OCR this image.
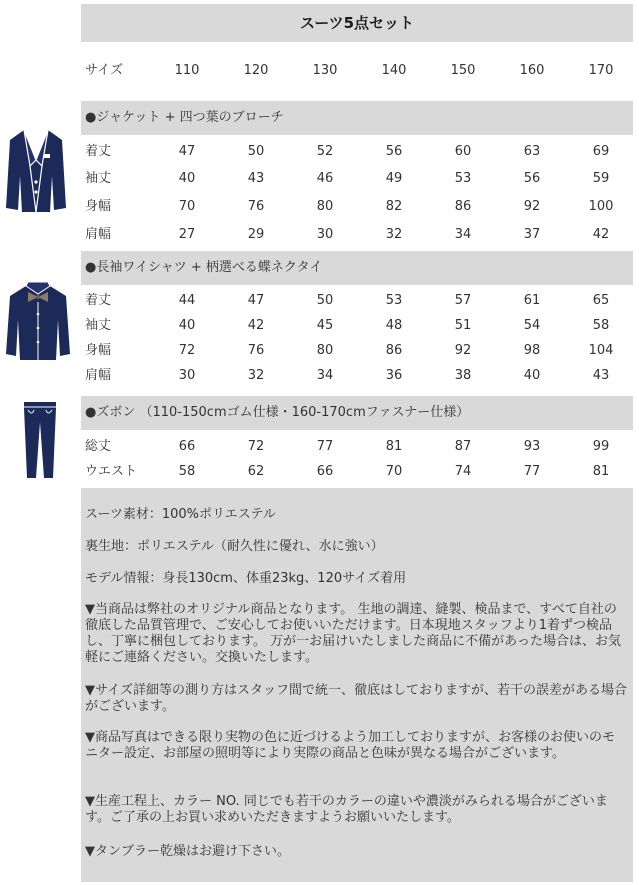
スーツ5点セット
サイズ	110	120	130	140	150	160	170
●ジャケット + 四つ葉のブローチ
着丈	47	50	52	56	60	63	69
袖丈	40	43	46	49	53	56	59
身幅	70	76	80	82	86	92	100
肩幅	27	29	30	32	34	37	42
●長袖ワイシャツ + 柄選べる蝶ネクタイ
着丈	44	47	50	53	57	61	65
袖丈	40	42	45	48	51	54	58
身幅	72	76	80	86	92	98	104
肩幅	30	32	34	36	38	40	43
●ズボン （110-150cmゴム仕様・160-170cmファスナー仕様）
総丈	66	72	77	81	87	93	99
ウエスト	58	62	66	70	74	77	81

スーツ素材：100%ポリエステル

裏生地：ポリエステル（耐久性に優れ、水に強い）

モデル情報：身長130cm、体重23kg、120サイズ着用

▼当商品は弊社のオリジナル商品となります。 生地の調達、縫製、検品まで、すべて自社の徹底した品質管理で、ご安心してお使いいただけます。日本現地スタッフより1着ずつ検品し、丁寧に梱包しております。 万が一お届けいたしました商品に不備があった場合は、お気軽にご連絡ください。交換いたします。

▼サイズ詳細等の測り方はスタッフ間で統一、徹底はしておりますが、若干の誤差がある場合がございます。

▼商品写真はできる限り実物の色に近づけるよう加工しておりますが、お客様のお使いのモニター設定、お部屋の照明等により実際の商品と色味が異なる場合がございます。

▼生産工程上、カラー NO. 同じでも若干のカラーの違いや濃淡がみられる場合がございます。ご了承の上お買い求めいただきますようお願いいたします。

▼タンブラー乾燥はお避け下さい。
